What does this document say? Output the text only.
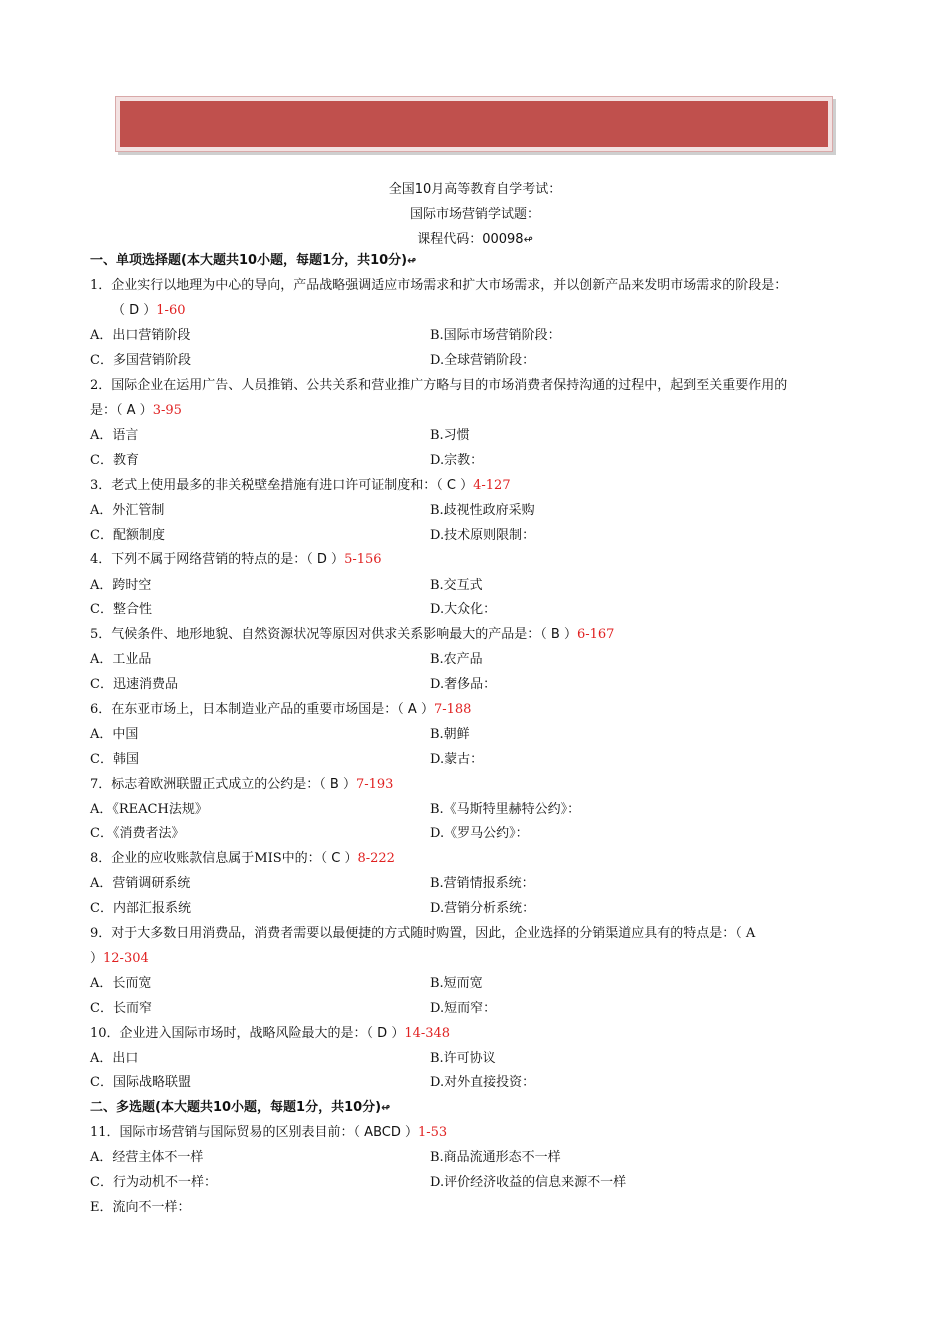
全国10月高等教育自学考试：
国际市场营销学试题：
课程代码：00098↫
一、单项选择题(本大题共10小题，每题1分，共10分)↫
1．企业实行以地理为中心的导向，产品战略强调适应市场需求和扩大市场需求，并以创新产品来发明市场需求的阶段是：
（ D ）1-60
A．出口营销阶段	B.国际市场营销阶段：
C．多国营销阶段	D.全球营销阶段：
2．国际企业在运用广告、人员推销、公共关系和营业推广方略与目的市场消费者保持沟通的过程中，起到至关重要作用的
是：（ A ）3-95
A．语言	B.习惯
C．教育	D.宗教：
3．老式上使用最多的非关税壁垒措施有进口许可证制度和：（ C ）4-127
A．外汇管制	B.歧视性政府采购
C．配额制度	D.技术原则限制：
4．下列不属于网络营销的特点的是：（ D ）5-156
A．跨时空	B.交互式
C．整合性	D.大众化：
5．气候条件、地形地貌、自然资源状况等原因对供求关系影响最大的产品是：（ B ）6-167
A．工业品	B.农产品
C．迅速消费品	D.奢侈品：
6．在东亚市场上，日本制造业产品的重要市场国是：（ A ）7-188
A．中国	B.朝鲜
C．韩国	D.蒙古：
7．标志着欧洲联盟正式成立的公约是：（ B ）7-193
A．《REACH法规》	B.《马斯特里赫特公约》：
C．《消费者法》	D.《罗马公约》：
8．企业的应收账款信息属于MIS中的：（ C ）8-222
A．营销调研系统	B.营销情报系统：
C．内部汇报系统	D.营销分析系统：
9．对于大多数日用消费品，消费者需要以最便捷的方式随时购置，因此，企业选择的分销渠道应具有的特点是：（ A
）12-304
A．长而宽	B.短而宽
C．长而窄	D.短而窄：
10．企业进入国际市场时，战略风险最大的是：（ D ）14-348
A．出口	B.许可协议
C．国际战略联盟	D.对外直接投资：
二、多选题(本大题共10小题，每题1分，共10分)↫
11．国际市场营销与国际贸易的区别表目前：（ ABCD ）1-53
A．经营主体不一样	B.商品流通形态不一样
C．行为动机不一样：	D.评价经济收益的信息来源不一样
E．流向不一样：
